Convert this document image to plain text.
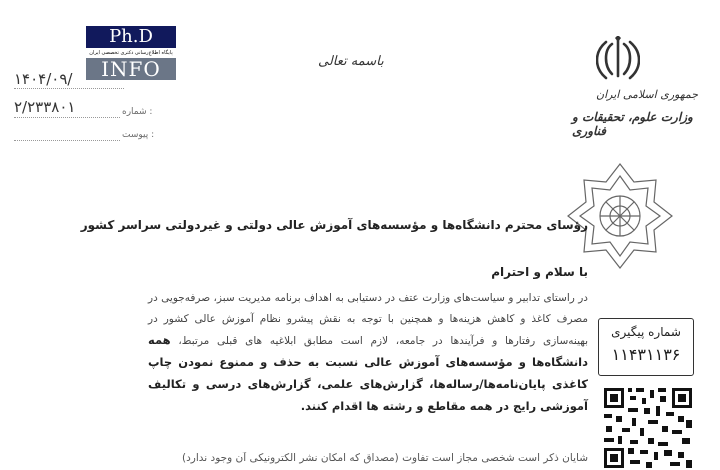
Ph.D
پایگاه اطلاع‌رسانی دکتری تخصصی ایران
INFO
۱۴۰۴/۰۹/
۲/۲۳۳۸۰۱	شماره :
پیوست :
باسمه تعالی
جمهوری اسلامی ایران
وزارت علوم، تحقیقات و فناوری
شماره پیگیری
۱۱۴۳۱۱۳۶
رؤسای محترم دانشگاه‌ها و مؤسسه‌های آموزش عالی دولتی و غیردولتی سراسر کشور
با سلام و احترام
در راستای تدابیر و سیاست‌های وزارت عتف در دستیابی به اهداف برنامه مدیریت سبز، صرفه‌جویی در مصرف کاغذ و کاهش هزینه‌ها و همچنین با توجه به نقش پیشرو نظام آموزش عالی کشور در بهینه‌سازی رفتارها و فرآیندها در جامعه، لازم است مطابق ابلاغیه های قبلی مرتبط، همه دانشگاه‌ها و مؤسسه‌های آموزش عالی نسبت به حذف و ممنوع نمودن چاپ کاغذی پایان‌نامه‌ها/رساله‌ها، گزارش‌های علمی، گزارش‌های درسی و تکالیف آموزشی رایج در همه مقاطع و رشته ها اقدام کنند.
شایان ذکر است شخصی مجاز است تفاوت (مصداق که امکان نشر الکترونیکی آن وجود ندارد)
